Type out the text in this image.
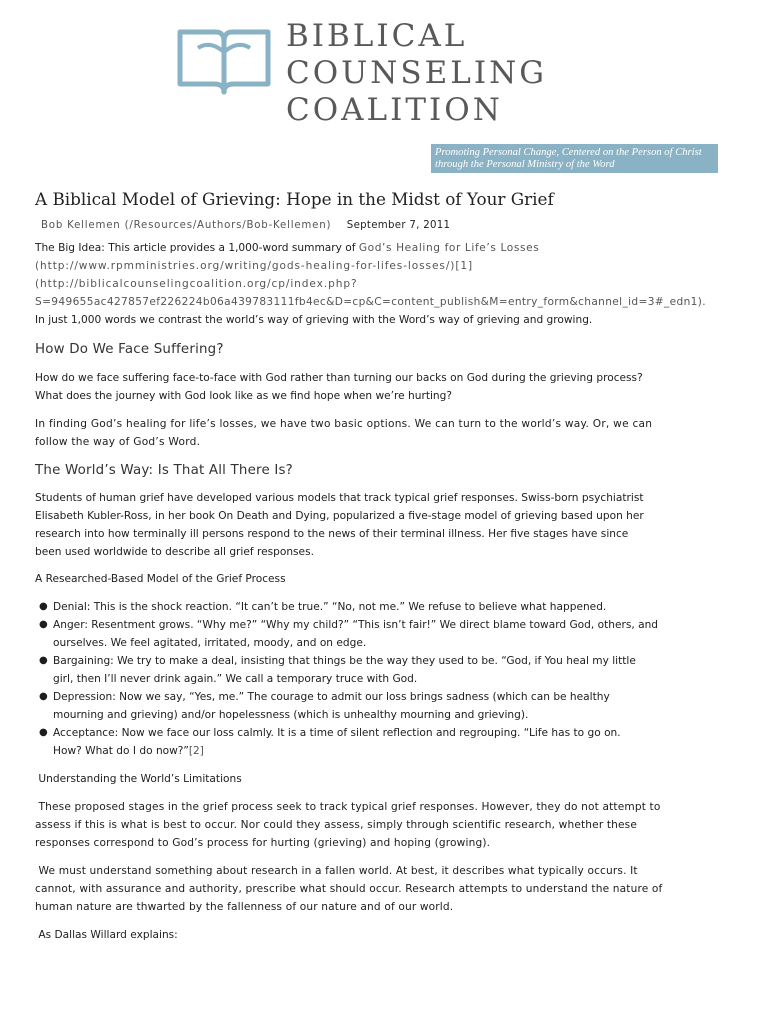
BIBLICAL
COUNSELING
COALITION
Promoting Personal Change, Centered on the Person of Christ
through the Personal Ministry of the Word
A Biblical Model of Grieving: Hope in the Midst of Your Grief
Bob Kellemen (/Resources/Authors/Bob-Kellemen) September 7, 2011

The Big Idea: This article provides a 1,000-word summary of God’s Healing for Life’s Losses
(http://www.rpmministries.org/writing/gods-healing-for-lifes-losses/)[1]
(http://biblicalcounselingcoalition.org/cp/index.php?
S=949655ac427857ef226224b06a439783111fb4ec&D=cp&C=content_publish&M=entry_form&channel_id=3#_edn1).
In just 1,000 words we contrast the world’s way of grieving with the Word’s way of grieving and growing.

How Do We Face Suffering?

How do we face suffering face-to-face with God rather than turning our backs on God during the grieving process?
What does the journey with God look like as we find hope when we’re hurting?

In finding God’s healing for life’s losses, we have two basic options. We can turn to the world’s way. Or, we can
follow the way of God’s Word.

The World’s Way: Is That All There Is?

Students of human grief have developed various models that track typical grief responses. Swiss-born psychiatrist
Elisabeth Kubler-Ross, in her book On Death and Dying, popularized a five-stage model of grieving based upon her
research into how terminally ill persons respond to the news of their terminal illness. Her five stages have since
been used worldwide to describe all grief responses.

A Researched-Based Model of the Grief Process

● Denial: This is the shock reaction. “It can’t be true.” “No, not me.” We refuse to believe what happened.
● Anger: Resentment grows. “Why me?” “Why my child?” “This isn’t fair!” We direct blame toward God, others, and
ourselves. We feel agitated, irritated, moody, and on edge.
● Bargaining: We try to make a deal, insisting that things be the way they used to be. “God, if You heal my little
girl, then I’ll never drink again.” We call a temporary truce with God.
● Depression: Now we say, “Yes, me.” The courage to admit our loss brings sadness (which can be healthy
mourning and grieving) and/or hopelessness (which is unhealthy mourning and grieving).
● Acceptance: Now we face our loss calmly. It is a time of silent reflection and regrouping. “Life has to go on.
How? What do I do now?”[2]

Understanding the World’s Limitations

These proposed stages in the grief process seek to track typical grief responses. However, they do not attempt to
assess if this is what is best to occur. Nor could they assess, simply through scientific research, whether these
responses correspond to God’s process for hurting (grieving) and hoping (growing).

We must understand something about research in a fallen world. At best, it describes what typically occurs. It
cannot, with assurance and authority, prescribe what should occur. Research attempts to understand the nature of
human nature are thwarted by the fallenness of our nature and of our world.

As Dallas Willard explains:
